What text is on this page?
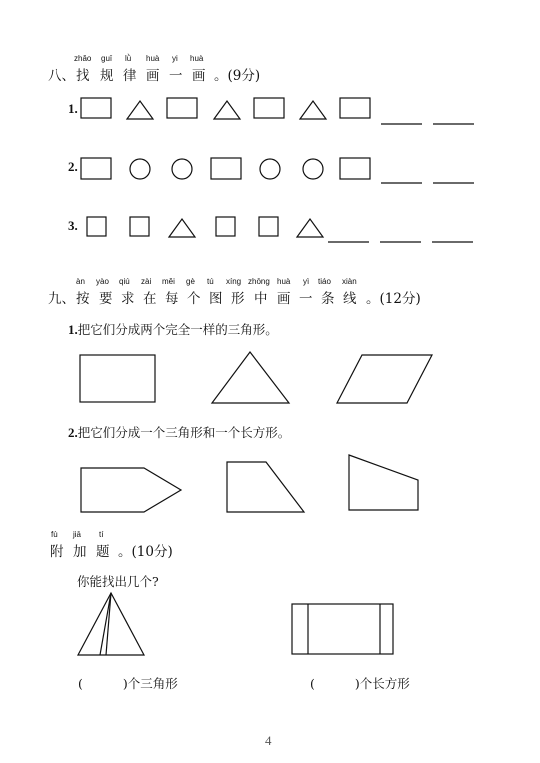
八、
zhǎo
找
guī
规
lǜ
律
huà
画
yi
一
huà
画 。(9分)
1.
2.
3.
九、
àn
按
yào
要
qiú
求
zài
在
měi
每
gè
个
tú
图
xíng
形
zhōng
中
huà
画
yì
一
tiáo
条
xiàn
线 。(12分)
1.把它们分成两个完全一样的三角形。
2.把它们分成一个三角形和一个长方形。
fù
附
jiā
加
tí
题 。(10分)
你能找出几个?
(	)个三角形	(	)个长方形
4
